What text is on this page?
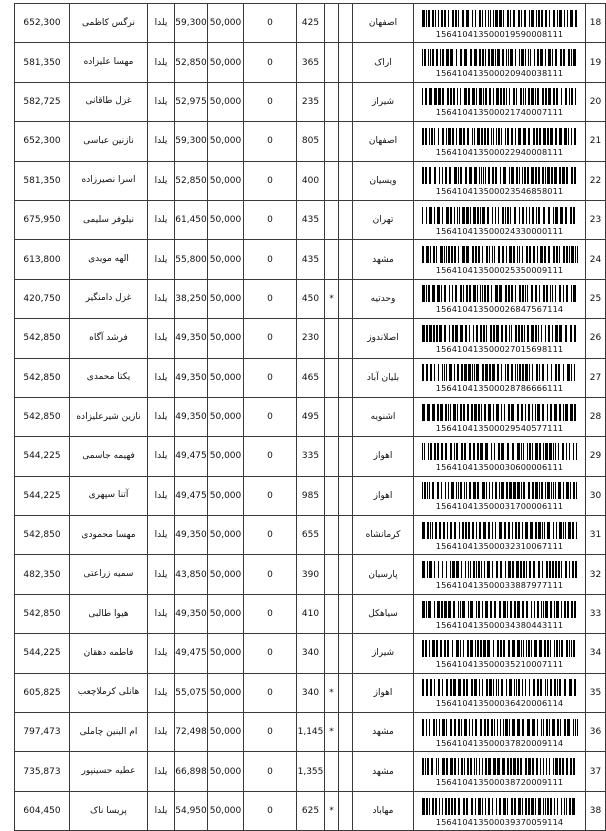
652,300	نرگس کاظمی	یلدا	59,300	50,000	0	425			اصفهان	156410413500019590008111	18
581,350	مهسا علیزاده	یلدا	52,850	50,000	0	365			اراک	156410413500020940038111	19
582,725	غزل طاقانی	یلدا	52,975	50,000	0	235			شیراز	156410413500021740007111	20
652,300	نازنین عباسی	یلدا	59,300	50,000	0	805			اصفهان	156410413500022940008111	21
581,350	اسرا نصیرزاده	یلدا	52,850	50,000	0	400			ویسیان	156410413500023546858011	22
675,950	نیلوفر سلیمی	یلدا	61,450	50,000	0	435			تهران	156410413500024330000111	23
613,800	الهه مویدی	یلدا	55,800	50,000	0	435			مشهد	156410413500025350009111	24
420,750	غزل دامنگیر	یلدا	38,250	50,000	0	450	*		وحدتیه	156410413500026847567114	25
542,850	فرشد آگاه	یلدا	49,350	50,000	0	230			اصلاندوز	156410413500027015698111	26
542,850	یکتا محمدی	یلدا	49,350	50,000	0	465			بلیان آباد	156410413500028786666111	27
542,850	نازین شیرعلیزاده	یلدا	49,350	50,000	0	495			اشنویه	156410413500029540577111	28
544,225	فهیمه جاسمی	یلدا	49,475	50,000	0	335			اهواز	156410413500030600006111	29
544,225	آتنا سپهری	یلدا	49,475	50,000	0	985			اهواز	156410413500031700006111	30
542,850	مهسا محمودی	یلدا	49,350	50,000	0	655			کرمانشاه	156410413500032310067111	31
482,350	سمیه زراعتی	یلدا	43,850	50,000	0	390			پارسیان	156410413500033887977111	32
542,850	هیوا طالبی	یلدا	49,350	50,000	0	410			سیاهکل	156410413500034380443111	33
544,225	فاطمه دهقان	یلدا	49,475	50,000	0	340			شیراز	156410413500035210007111	34
605,825	هانلی کرملاچعب	یلدا	55,075	50,000	0	340	*		اهواز	156410413500036420006114	35
797,473	ام البنین چاملی	یلدا	72,498	50,000	0	1,145	*		مشهد	156410413500037820009114	36
735,873	عطیه حسینپور	یلدا	66,898	50,000	0	1,355			مشهد	156410413500038720009111	37
604,450	پریسا ناک	یلدا	54,950	50,000	0	625	*		مهاباد	156410413500039370059114	38
